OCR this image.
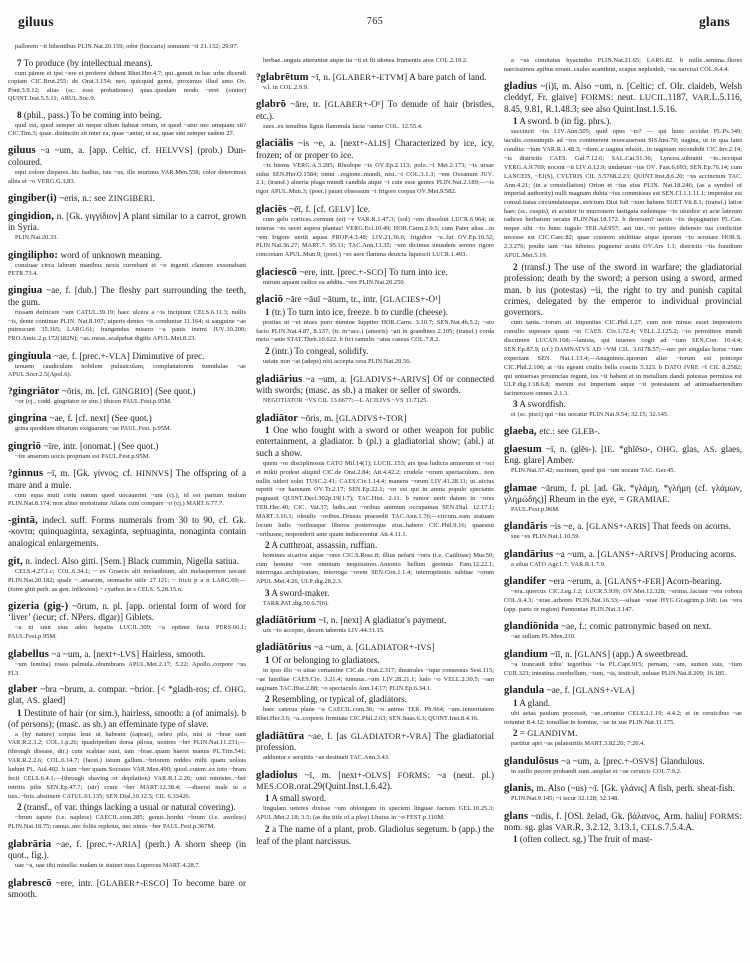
giluus	765	glans

pallorem ~it bibentibus PLIN.Nat.20.159; odor (baccaris) somnum ~it 21.132; 29.97.

7 To produce (by intellectual means).

cum pārere et ipsi ~ere et proferre debent Rhet.Her.4.7; qui..genuit in hac urbe dicendi copiam CIC.Brut.255; de Orat.3.154; neo, quicquid genui, proximus illud amo Ov. Pont.3.9.12; alias (sc. esse probationes) quas..quodam modo ~eret (orator) QUINT.Inst.5.5.11; ARUL.Soc.9.

8 (phil., pass.) To be coming into being.

quid est, quod semper sit neque ullum habeat ortum, et quod ~atur nec umquam sit? CIC.Tim.3; quae..distinctio sit inter ea, quae ~antur, et ea, quae sint semper eadem 27.

giluus ~a ~um, a. [app. Celtic, cf. HELVVS] (prob.) Dun-coloured.

equi colore dispares..hic badius, iste ~us, ille murinus VAR.Men.558; color deterrimus albis et ~o VERG.G.3.83.

gingiber(i) ~eris, n.: see ZINGIBERI.

gingidion, n. [Gk. γιγγίδιον] A plant similar to a carrot, grown in Syria.

PLIN.Nat.20.33.

gingilipho: word of unknown meaning.

consiuae circa labrum manibus nexis currebant et ~o ingenti clamore exsonabant PETR.73.4.

gingiua ~ae, f. [dub.] The fleshy part surrounding the teeth, the gum.

russam defricare ~am CATUL.39.19; haec ulcera a ~is incipiunt CELS.6.11.3; nullis ~is, dente continuo PLIN. Nat.8.107; uiperis dentes ~is conduntur 11.164; si sanguine ~ae putrescunt 35.165; LARG.61; frangendus misero ~a panis inerni JUV.10.200; FRO.Amic.2.p.172(182N); ~as..meas..scalpebat digitis APUL.Met.8.23.

gingiuula ~ae, f. [prec.+-VLA] Diminutive of prec.

tenuem caudiculam nobilem pulusiculam, complanatorem tumidulae ~ae APUL.Socr.2.5(Apol.6).

?gingriātor ~ōris, m. [cf. GINGRIO] (See quot.)

~or (cj., codd. gingriator or sim.) tibicen PAUL.Fest.p.95M.

gingrina ~ae, f. [cf. next] (See quot.)

grina quoddam tibiarum exiguarum ~ae PAUL.Fest. p.95M.

gingriō ~īre, intr. [onomat.] (See quot.)

~ire anserum uocis propriam est PAUL.Fest.p.95M.

?ginnus ~ī, m. [Gk. γίννος; cf. HINNVS] The offspring of a mare and a mule.

cum equa muti coitu natum quod uocauerint ~um (cj.), id est partum mulum PLIN.Nat.8.174; non aliter monstratur Atlans cum compare ~o (cj.) MART.6.77.7.

-gintā, indecl. suff. Forms numerals from 30 to 90, cf. Gk. -κοντα; quinquaginta, sexaginta, septuaginta, nonaginta contain analogical enlargements.

git, n. indecl. Also gitti. [Sem.] Black cummin, Nigella satiua.

CELS.4.27.1.c; COL.6.34.1; ~ ex Graecis alii melanthium, alii melaspermon uocant PLIN.Nat.20.182; quale ~..amarum, stomacho utile 27.121; ~ fricti p a n LARG.69;—(form gitti perh. as gen. inflexion) ~ cyathos in s CELS. 5.28.15.n.

gizeria (gig-) ~ōrum, n. pl. [app. oriental form of word for ‘liver’ (iecur; cf. NPers. dīgar)] Giblets.

~a ni snut siue adeo hepatia LUCIL.309; ~a optime facta PERS.66.1; PAUL.Fest.p.95M.

glabellus ~a ~um, a. [next+-LVS] Hairless, smooth.

~um femina) rosea palmula..obumbrans APUL.Met.2.17; 5.22; Apollo..corpore ~us Fl.3.

glaber ~bra ~brum, a. compar. ~brior. [< *gladh-ros; cf. OHG. glat, AS. glaed]

1 Destitute of hair (or sim.), hairless, smooth: a (of animals). b (of persons); (masc. as sb.) an effeminate type of slave.

a (by nature) corpus leue ut habeant (caprae), oehro pilo, nisi si ~brae sunt VAR.R.2.3.2; COL.1.p.26; quadripedum dorsa pilosa, uentres ~bri PLIN.Nat.11.231;—(through disease, dir.) cum scabiae sunt, tam ~brae..quam haeret manus PL.Trin.541; VAR.R.2.2.6; COL.6.14.7; (facet.) istum gallum..~briorem reddes mihi quam uolsus ludunt PL. Aul.402. b tam ~ber quam Socrates VAR.Men.490; quod..cutem..ex toto ~bram fecit CELS.6.4.1;—(through shaving or depilation) VAR.R.1.2.26; uini minister..~ber retritis pilis SEN.Ep.47.7; (uir) crure ~ber MART.12.38.4; —diuersi male te a tuis..~bris..abstinere CATUL.61.135; SEN.Dial.10.12.5; CIL 6.33426.

2 (transf., of var. things lacking a usual or natural covering).

~brum tapete (i.e. napless) CAECIL.com.285; genus..hordei ~brum (i.e. awnless) PLIN.Nat.18.75; ramus..nec foliis repletus, nec nimis ~ber PAUL.Fest.p.367M.

glabrāria ~ae, f. [prec.+-ARIA] (perh.) A shorn sheep (in quot., fig.).

uae ~a, uae tibi misella: nudam te statuet tuus Lupercus MART.4.28.7.

glabrescō ~ere, intr. [GLABER+-ESCO] To become bare or smooth.

herbae..unguis atteruntur atque ita ~it et fit idonea frumentis area COL.2.19.2.

?glabrētum ~ī, n. [GLABER+-ETVM] A bare patch of land.

v.l. in COL.2.9.9.

glabrō ~āre, tr. [GLABER+-O¹] To denude of hair (bristles, etc.).

sues..ex tenuibus lignis flammula facta ~antur COL. 12.55.4.

glaciālis ~is ~e, a. [next+-ALIS] Characterized by ice, icy, frozen; of or proper to ice.

~is hiems VERG.A.3.285; Rhodope ~is OV.Ep.2.113; polo..~i Met.2.173; ~is ursae sidus SEN.Her.O.1584; omni ..regione..mundi, nisi..~i COL.3.1.3; ~em Oceanum JUV. 2.1; (transf.) alueria plaga mundi candida atque ~i cute esse gentes PLIN.Nat.2.189;—~is rigor APUL.Mun.3; (poet.) pauet obsessum ~i frigore corpus OV.Met.9.582.

glaciēs ~ēī, f. [cf. GELV] Ice.

cum gelu cortices..cernunt (ei) ~e VAR.R.1.47.3; (sol) ~em dissoluit LUCR.6.964; ut teneras ~es secet aspera plantas! VERG.Ecl.10.49; HOR.Carm.2.9.5; cum Pater altas ..in ~em frigore uertit aquas PROP.4.3.48; LIV.21.36.6; frigidior ~e..fui OV.Ep.10.32; PLIN.Nat.36.27; MART.7. 95.11; TAC.Ann.13.35; ~em dicimus unusdem sereno rigore concretam APUL.Mun.9; (poet.) ~es aere flamma deuicta liquescit LUCR.1.493.

glaciescō ~ere, intr. [prec.+-SCO] To turn into ice.

mirum aquam radice ea addita..~ere PLIN.Nat.20.250.

glaciō ~āre ~āuī ~ātum, tr., intr. [GLACIES+-O¹]

1 (tr.) To turn into ice, freeze. b to curdle (cheese).

positas ut ~et niues puro numine Iuppiter HOR.Carm. 3.10.7; SEN.Nat.4b.5.2; ~ato facto PLIN.Nat.4.87, 8.137; (tr. in+acc.) (amoris) ~ati in grandines 2.105; (transf.) corda metu ~ante STAT.Theb.10.622. b fici ramulis ~atus caseus COL.7.8.2.

2 (intr.) To congeal, solidify.

uetate non ~at (adeps) nisi accepta cera PLIN.Nat.29.56.

gladiārius ~a ~um, a. [GLADIVS+-ARIVS] Of or connected with swords; (masc. as sb.) a maker or seller of swords.

NEGOTIATOR ~VS CIL 13.6677;—L ACILIVS ~VS 11.7125.

gladiātor ~ōris, m. [GLADIVS+-TOR]

1 One who fought with a sword or other weapon for public entertainment, a gladiator. b (pl.) a gladiatorial show; (abl.) at such a show.

quem ~or disciplinosus CATO Mil.14(1); LUCIL.153; ars ipsa ludicra armorum et ~oci et mikti prodest aliquid CIC.de Orat.2.84; Att.4.42.2; crudele ~orum spectaculum.. non nullis uideri solet TUSC.2.41; CAES.Civ.1.14.4; manens ~orum LIV.41.28.11; ut..uictus repetit ~or harenam OV.Tr.2.17; SEN.Ep.22.1; ~or est qui in arena populo spectante pugnauit QUINT.Decl.302p.19(1.7); TAC.Hist. 2.11. b rumor uerit datum in ~ores TER.Hec.40; CIC. Vat.37; ludis..aut ~oribus animum occupamus SEN.Dial. 12.17.1; MART.3.16.1; oleudis ~oribus..Drusus praesedit TAC.Ann.1.76;—circum..eam statuam locum ludis ~oribusque liberos posterosque eius..habere CIC.Phil.9.16; quaesiui ~oribusne, responderit ante quam inducerentur Att.4.11.1.

2 A cutthroat, assassin, ruffian.

homines sicarios atque ~ores CIC.S.Rosc.8; illius nefarii ~oris (i.e. Catilinae) Mur.50; cum homine ~ore omnium nequissimo..Antonio bellum gerimus Fam.12.22.1; interrogas..archipiratam, interroga ~orem SEN.Con.1.1.4; interruptionis subitae ~orum APUL.Met.4.26, ULP.dig.28.2.3.

3 A sword-maker.

TARR.PAT.dig.50.6.7(6).

gladiātōrium ~ī, n. [next] A gladiator's payment.

uix ~io accepto, decem tabernis LIV.44.31.15.

gladiātōrius ~a ~um, a. [GLADIATOR+-IVS]

1 Of or belonging to gladiators.

in ipso illo ~o uitae certamine CIC.de Orat.2.317; theatrales ~ique consessus Sest.115; ~ae familiae CAES.Civ. 3.21.4; tumuus..~um LIV.28.21.1; ludo ~o VELL.2.30.5; ~am saginam TAC.Hist.2.88; ~o spectaculo Ann.14.17; PLIN.Ep.6.34.1.

2 Resembling, or typical of, gladiators.

haec caterua plane ~a CAECIL.com.36; ~o animo TER. Ph.964; ~am..temeritatem Rhet.Her.3.6; ~a..corporis firmitate CIC.Phil.2.63; SEN.Suas.6.3; QUINT.Inst.8.4.16.

gladiātūra ~ae, f. [as GLADIATOR+-VRA] The gladiatorial profession.

adduntur e seruitiis ~ae destinati TAC.Ann.3.43.

gladiolus ~ī, m. [next+-OLVS] FORMS: ~a (neut. pl.) MES.COR.orat.29(Quint.Inst.1.6.42).

1 A small sword.

lingulam ueteres dixisse ~um oblongum in speciem linguae factum GEL.10.25.3; APUL.Met.2.18; 3.5; (as the title of a play) Lhuius in ~o FEST.p.110M.

2 a The name of a plant, prob. Gladiolus segetum. b (app.) the leaf of the plant narcissus.

a ~us comitatus hyacintho PLIN.Nat.21.65; LARG.82. b mille..semina..flores narcissimos apibus errant..caules acanthini, scapus nephodeli, ~us narcissi COL.9.4.4.

gladius ~(i)ī, m. Also ~um, n. [Celtic; cf. OIr. claideb, Welsh cleddyf, Fr. glaive] FORMS: neut. LUCIL.1187, VAR.L.5.116, 8.45, 9.81, R.1.48.3; see also Quint.Inst.1.5.16.

1 A sword. b (in fig. phrs.).

succincti ~iis LIV.Ann.505; quid opus ~io? — qui hunc occidat PL.Ps.349; iaculis..consumptis ad ~ios continerent reuocauerunt SIS.hist.70; uagina, ut in qua latet condita: ~ium VAR.R.1.48.3; ~dum..e uagina eduxit.. in uaginam recondidit CIC.Inv.2.14; ~is districtis CAES. Gal.7.12.6; SAL.Cat.51.36; Lyncea..uibranti ~io..occupat VERG.A.9.769; nocent ~ii LIV.6.12.9; undarunt ~ius OV. Fast.6.693; SEN.Ep.76.14; cum LANCEIS, ~EI(S), CVLTRIS CIL 5.5768.2.23; QUINT.Inst.8.6.20; ~us accinctum TAC. Ann.4.21; (in a constellation) Orion et ~ius eius PLIN. Nat.18.246; (as a symbol of imperial authority) nulli magnam dubia ~ius commissus est SEN.Cl.1.1.11.1; imperator est consul.itatas circumdatusque..strictum Diui Iuli ~ium habens SUET.Vit.8.1; (transf.) latior haec (sc. cuspis), et acutior in mucronem fastigata eademque ~io uiuidior et acie laterum radices herbarum secans PLIN.Nat.18.172. b deorsum? uersis ~iis depugnarier PL.Cas. neque sibi ~io hunc iugulo TER.Ad.957; aut tuo..~io petitro defensio tua conficitur necesse est CIC.Caec.82; quae cruorem stultitiae atque iporum ~io scrutare HOR.S. 2.3.276; poulte iam ~ius iubetes: pugnetur acutis OV.Ars 1.1; districtis ~iis fraudium APUL.Met.5.19.

2 (transf.) The use of the sword in warfare; the gladiatorial profession; death by the sword; a person using a sword, armed man. b ius (potestas) ~ii, the right to try and punish capital crimes, delegated by the emperor to individual provincial governors.

cum tanta..~iorum sit impunitas CIC.Phil.1.27; cum non minus esset imperatoris consilio superare quam ~io CAES. Civ.1.72.4; VELL.2.125.2; ~io permittere mundi discrimen LUCAN.168;—lanista, qui iuuenes cogit ad ~ium SEN.Con. 10.4.4; SEN.Ep.87.9; (cf.) DAMNATVS AD ~VM CIL. 3.6178.57;—nec per singulas horas ~ium expectant SEN. Nat.1.13.4;—Anagninos..quorum alter ~iorum est princeps CIC.Phil.2.106; at ~iis egeant ciuilis bella coactis 5.323. b DATO IVRE ~I CIL 8.2582; qui uniuersas prouincias regunt, ius ~ii habent et in metallum dandi potestas permissa est ULP.dig.1.18.6.8; merum est imperium atque ~ii potestatem ad animaduertendum facinerosos omnes 2.1.3.

3 A swordfish.

ei (sc. pisci) qui ~ius uocatur PLIN.Nat.9.54; 32.15; 32.145.

glaeba, etc.: see GLEB-.

glaesum ~ī, n. (glēs-). [IE. *ghlēso-, OHG. glas, AS. glaes, Eng. glare] Amber.

PLIN.Nat.37.42; sucinum, quod ipsi ~um uocant TAC. Ger.45.

glamae ~ārum, f. pl. [ad. Gk. *γλάμη, *γλήμη (cf. γλάμων, γλημώδης)] Rheum in the eye, = GRAMIAE.

PAUL.Fest.p.96M.

glandāris ~is ~e, a. [GLANS+-ARIS] That feeds on acorns.

sue ~es PLIN.Nat.1.10.59.

glandārius ~a ~um, a. [GLANS+-ARIVS] Producing acorns.

a silua CATO Agr.1.7; VAR.R.1.7.9.

glandifer ~era ~erum, a. [GLANS+-FER] Acorn-bearing.

~era..quercus CIC.Leg.1.2; LUCR.5.939; OV.Met.12.328; ~erima..faciant ~era robora COL.9.4.3; ~erae..arbores PLIN.Nat.16.33;—siluae ~erae HYG.Gr.agrim.p.168; (as ~era (app. parts or region) Pannoniae PLIN.Nat.3.147.

glandiōnida ~ae, f.: comic patronymic based on next.

~ae sullum PL.Men.210.

glandium ~īī, n. [GLANS] (app.) A sweetbread.

~a truncauit tribuʹ tegoribus ~ia PL.Capt.915; pernam, ~am, sumen suis, ~ium CUR.323; intestina..cerebellum, ~ium, ~ia, testiculi, uuluae PLIN.Nat.8.209; 16.185.

glandula ~ae, f. [GLANS+-VLA]

1 A gland.

ubi aetas paulum processit, ~ae..oriuntur CELS.2.1.19; 4.4.2; et in ceruicibus ~ae oriuntur 8.4.12; tonsillae in homine, ~ae in sue PLIN.Nat.11.175.

2 = GLANDIVM.

partitur apri ~as palaestritis MART.3.82.20; 7.20.4.

glandulōsus ~a ~um, a. [prec.+-OSVS] Glandulous.

in suillo pecore probandi sunt..amplae et ~ae ceruicis COL.7.9.2.

glanis, m. Also (~us) ~ī. [Gk. γλάνις] A fish, perh. sheat-fish.

PLIN.Nat.9.145; ~i iecur 32.128; 32.148.

glans ~ndis, f. [OSl. želǝd, Gk. βάλανος, Arm. haliu] FORMS: nom. sg. glas VAR.R, 3.2.12, 3.13.1, CELS.7.5.4.A.

1 (often collect. sg.) The fruit of mast-
